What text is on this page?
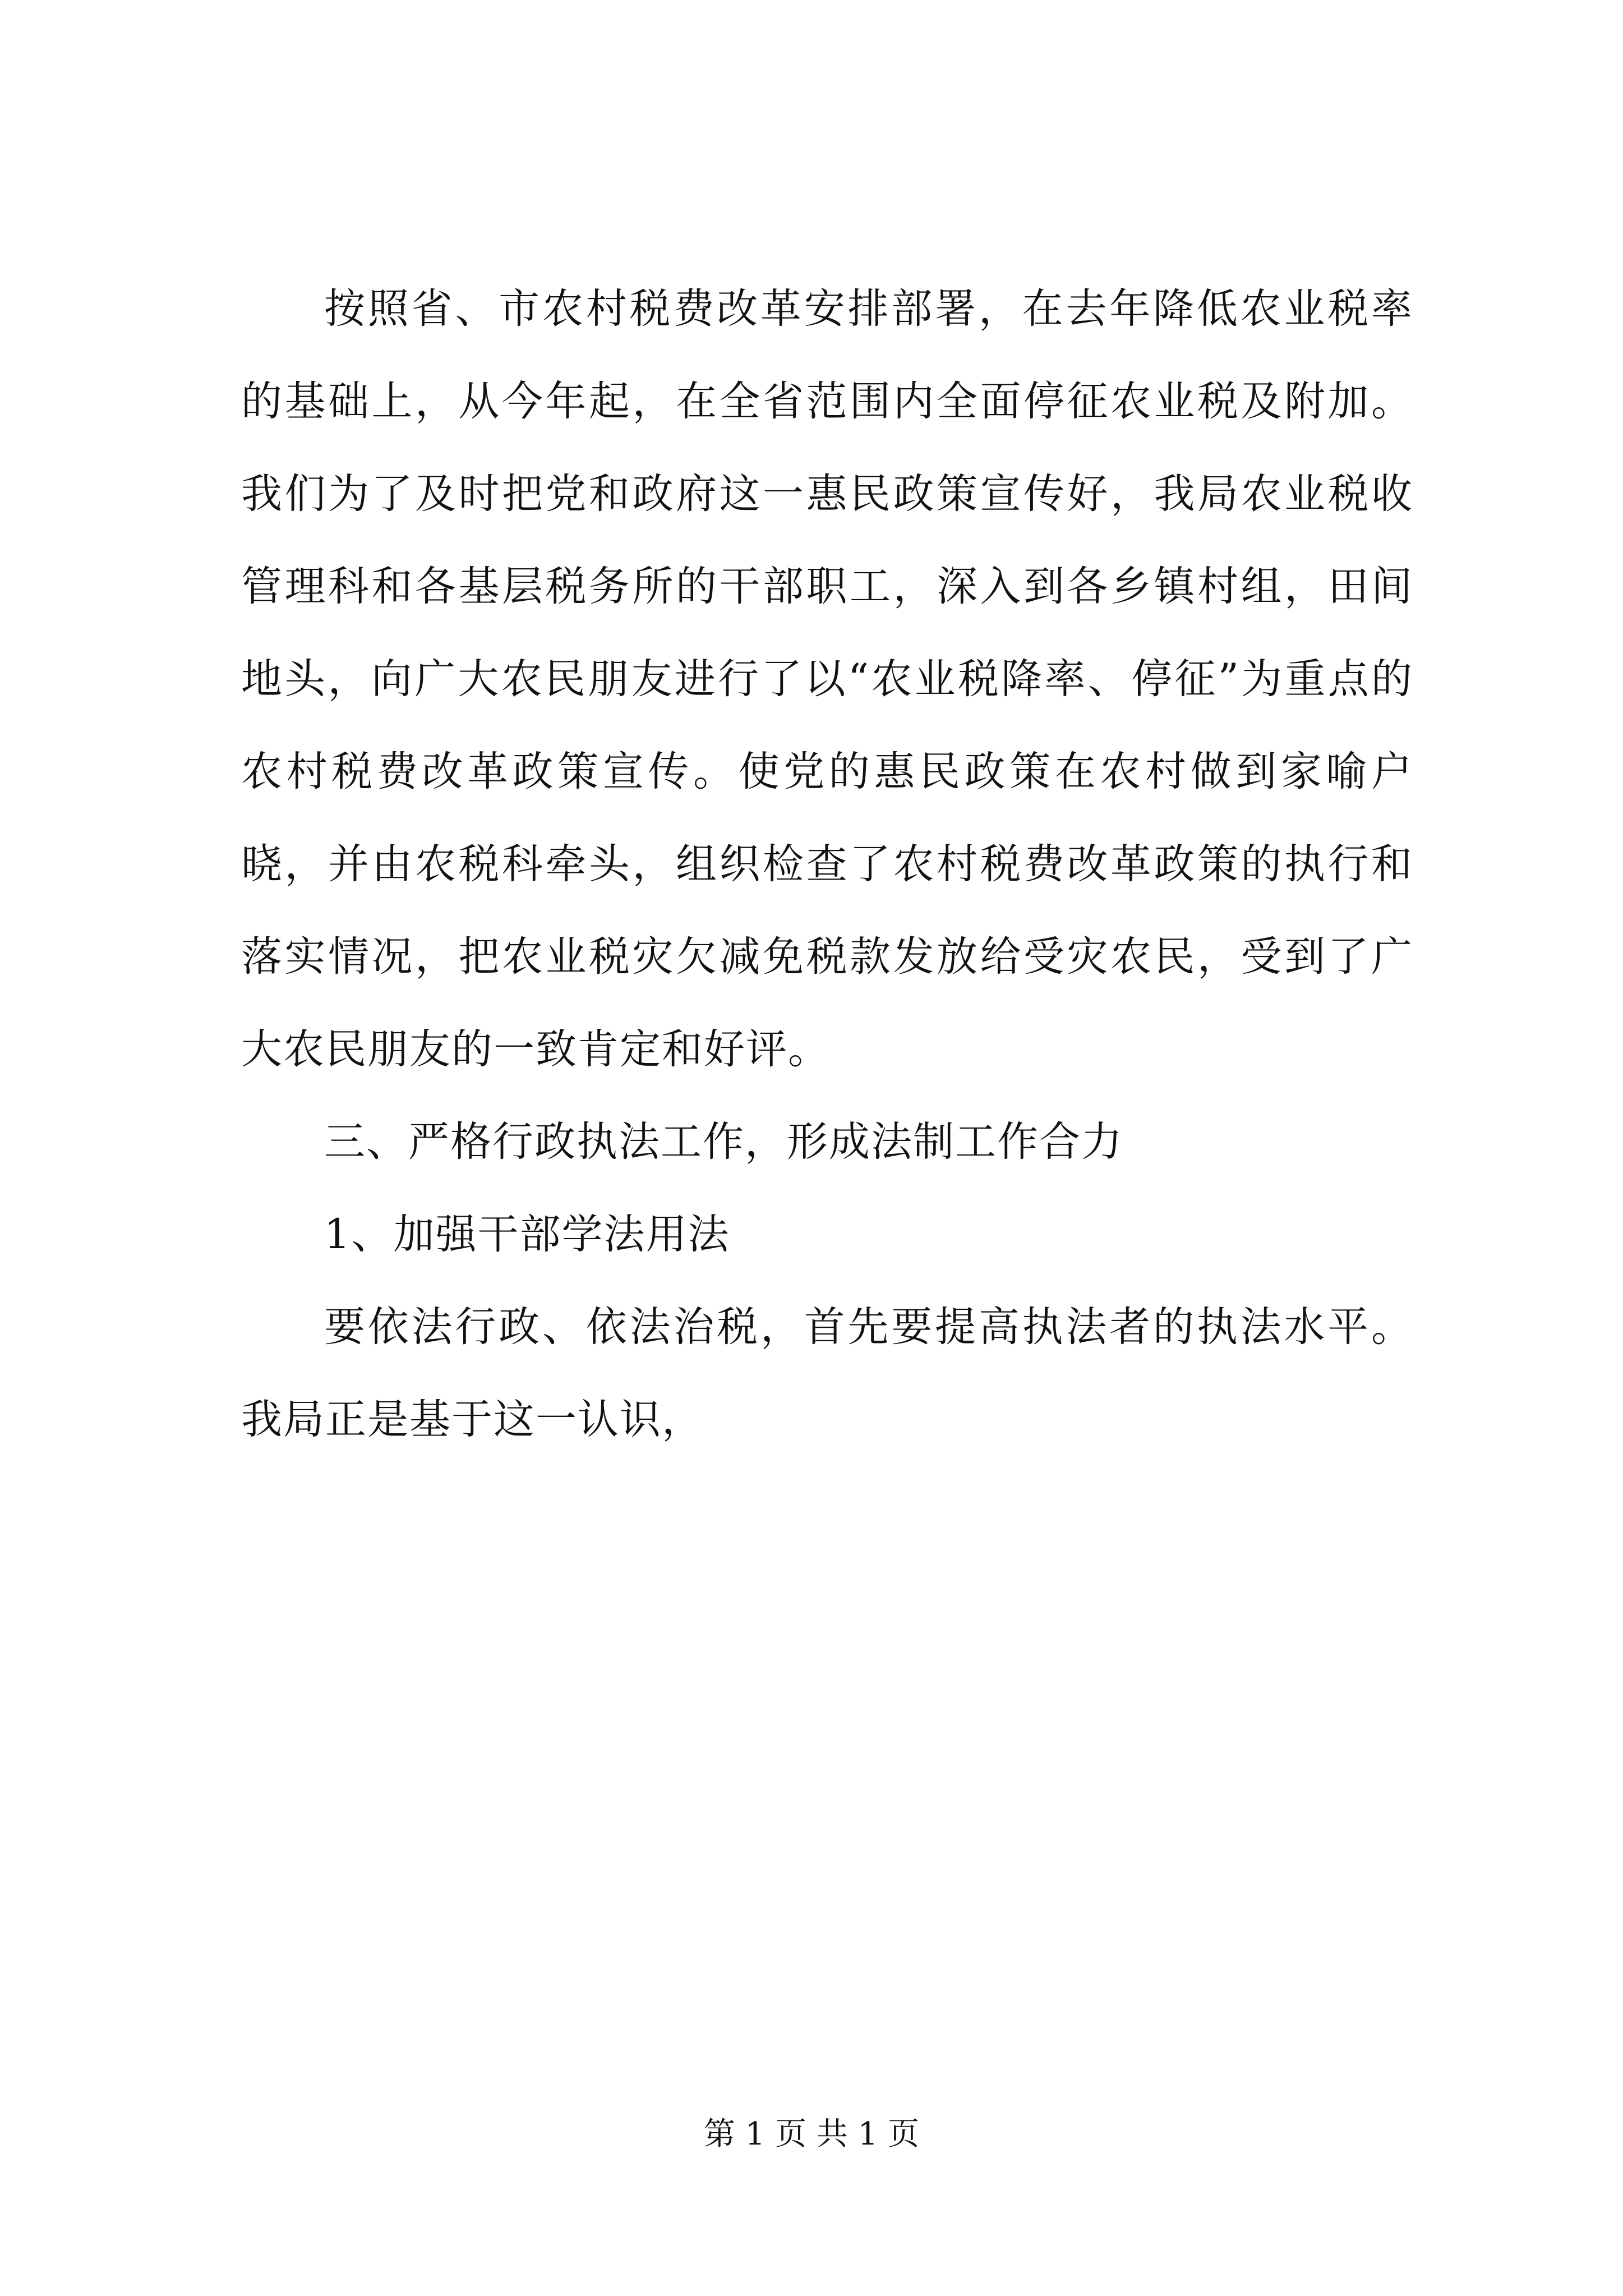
按照省、市农村税费改革安排部署，在去年降低农业税率的基础上，从今年起，在全省范围内全面停征农业税及附加。我们为了及时把党和政府这一惠民政策宣传好，我局农业税收管理科和各基层税务所的干部职工，深入到各乡镇村组，田间地头，向广大农民朋友进行了以“农业税降率、停征”为重点的农村税费改革政策宣传。使党的惠民政策在农村做到家喻户晓，并由农税科牵头，组织检查了农村税费改革政策的执行和落实情况，把农业税灾欠减免税款发放给受灾农民，受到了广大农民朋友的一致肯定和好评。

三、严格行政执法工作，形成法制工作合力

1、加强干部学法用法

要依法行政、依法治税，首先要提高执法者的执法水平。我局正是基于这一认识，

第 1 页 共 1 页
